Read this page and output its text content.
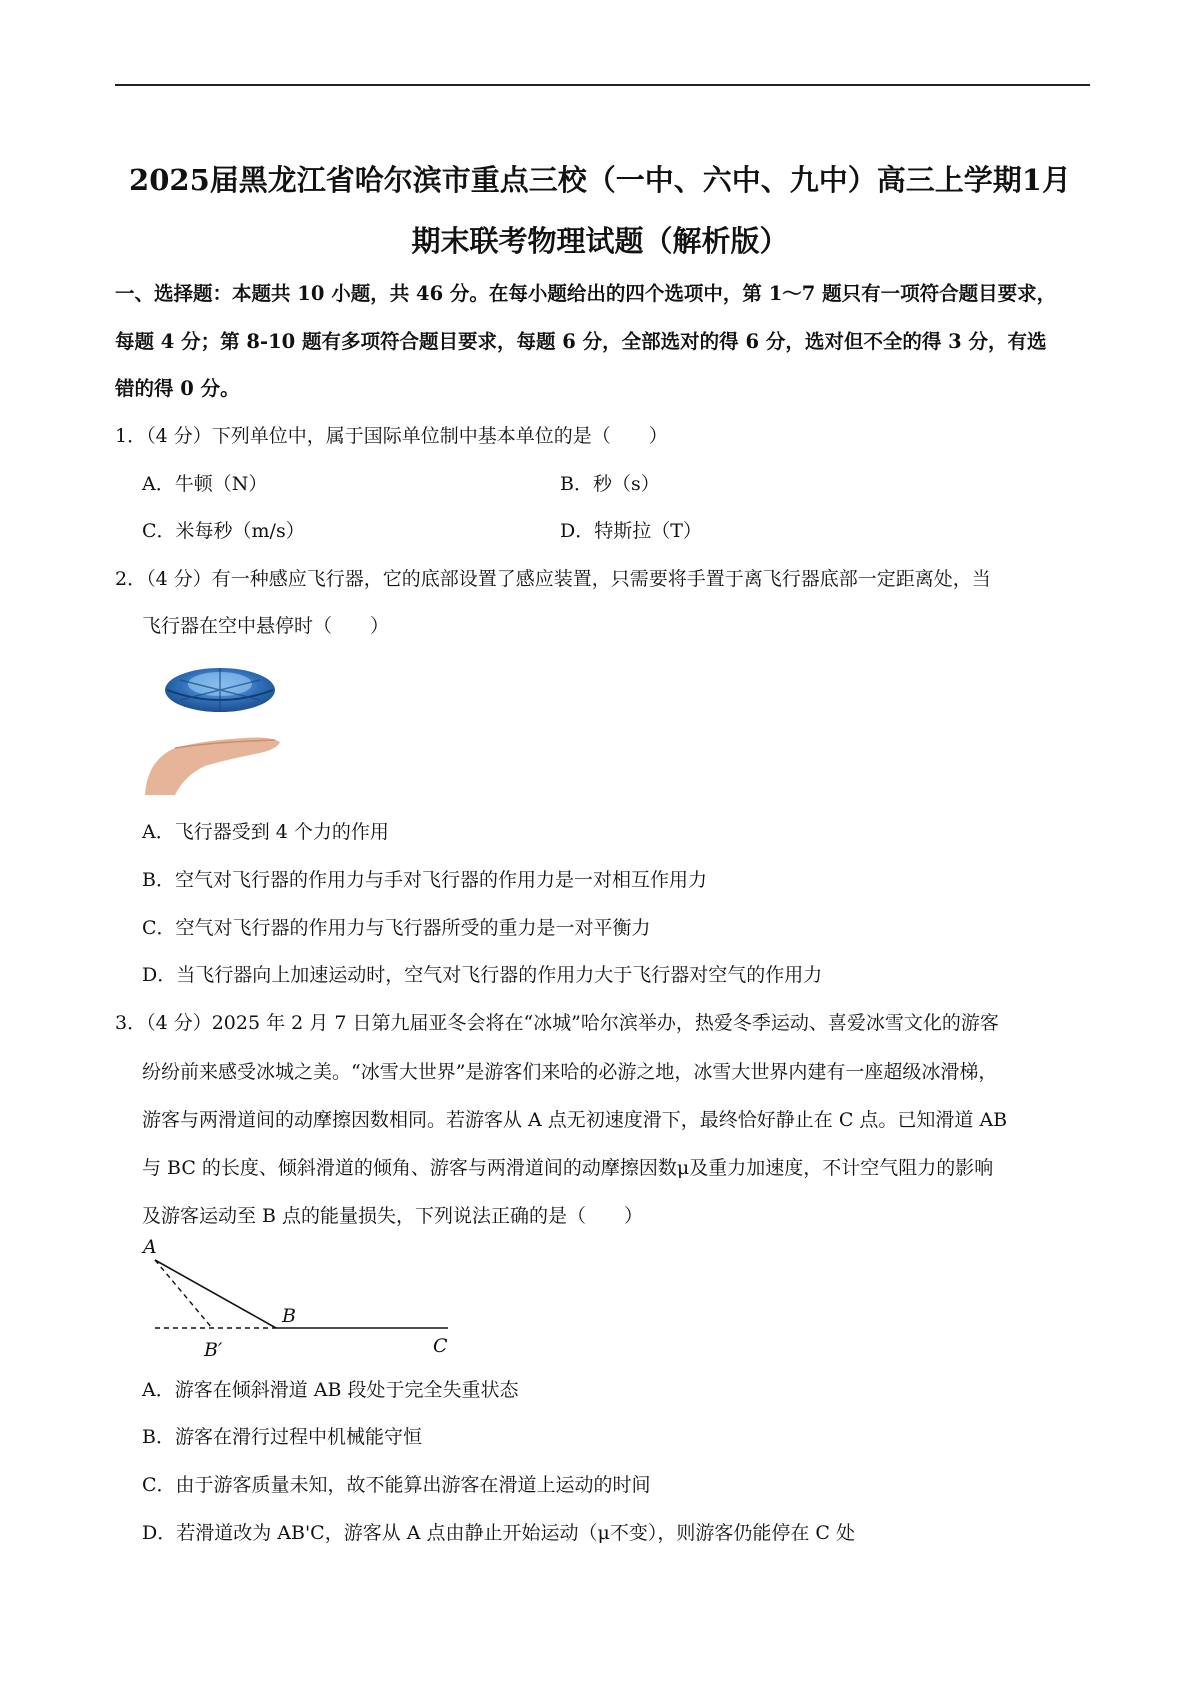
2025届黑龙江省哈尔滨市重点三校（一中、六中、九中）高三上学期1月
期末联考物理试题（解析版）
一、选择题：本题共 10 小题，共 46 分。在每小题给出的四个选项中，第 1～7 题只有一项符合题目要求，
每题 4 分；第 8-10 题有多项符合题目要求，每题 6 分，全部选对的得 6 分，选对但不全的得 3 分，有选
错的得 0 分。
1．（4 分）下列单位中，属于国际单位制中基本单位的是（　　）
A．牛顿（N）	B．秒（s）
C．米每秒（m/s）	D．特斯拉（T）
2．（4 分）有一种感应飞行器，它的底部设置了感应装置，只需要将手置于离飞行器底部一定距离处，当
飞行器在空中悬停时（　　）
A．飞行器受到 4 个力的作用
B．空气对飞行器的作用力与手对飞行器的作用力是一对相互作用力
C．空气对飞行器的作用力与飞行器所受的重力是一对平衡力
D．当飞行器向上加速运动时，空气对飞行器的作用力大于飞行器对空气的作用力
3．（4 分）2025 年 2 月 7 日第九届亚冬会将在“冰城”哈尔滨举办，热爱冬季运动、喜爱冰雪文化的游客
纷纷前来感受冰城之美。“冰雪大世界”是游客们来哈的必游之地，冰雪大世界内建有一座超级冰滑梯，
游客与两滑道间的动摩擦因数相同。若游客从 A 点无初速度滑下，最终恰好静止在 C 点。已知滑道 AB
与 BC 的长度、倾斜滑道的倾角、游客与两滑道间的动摩擦因数μ及重力加速度，不计空气阻力的影响
及游客运动至 B 点的能量损失，下列说法正确的是（　　）
A
B
B′	C
A．游客在倾斜滑道 AB 段处于完全失重状态
B．游客在滑行过程中机械能守恒
C．由于游客质量未知，故不能算出游客在滑道上运动的时间
D．若滑道改为 AB'C，游客从 A 点由静止开始运动（μ不变），则游客仍能停在 C 处
